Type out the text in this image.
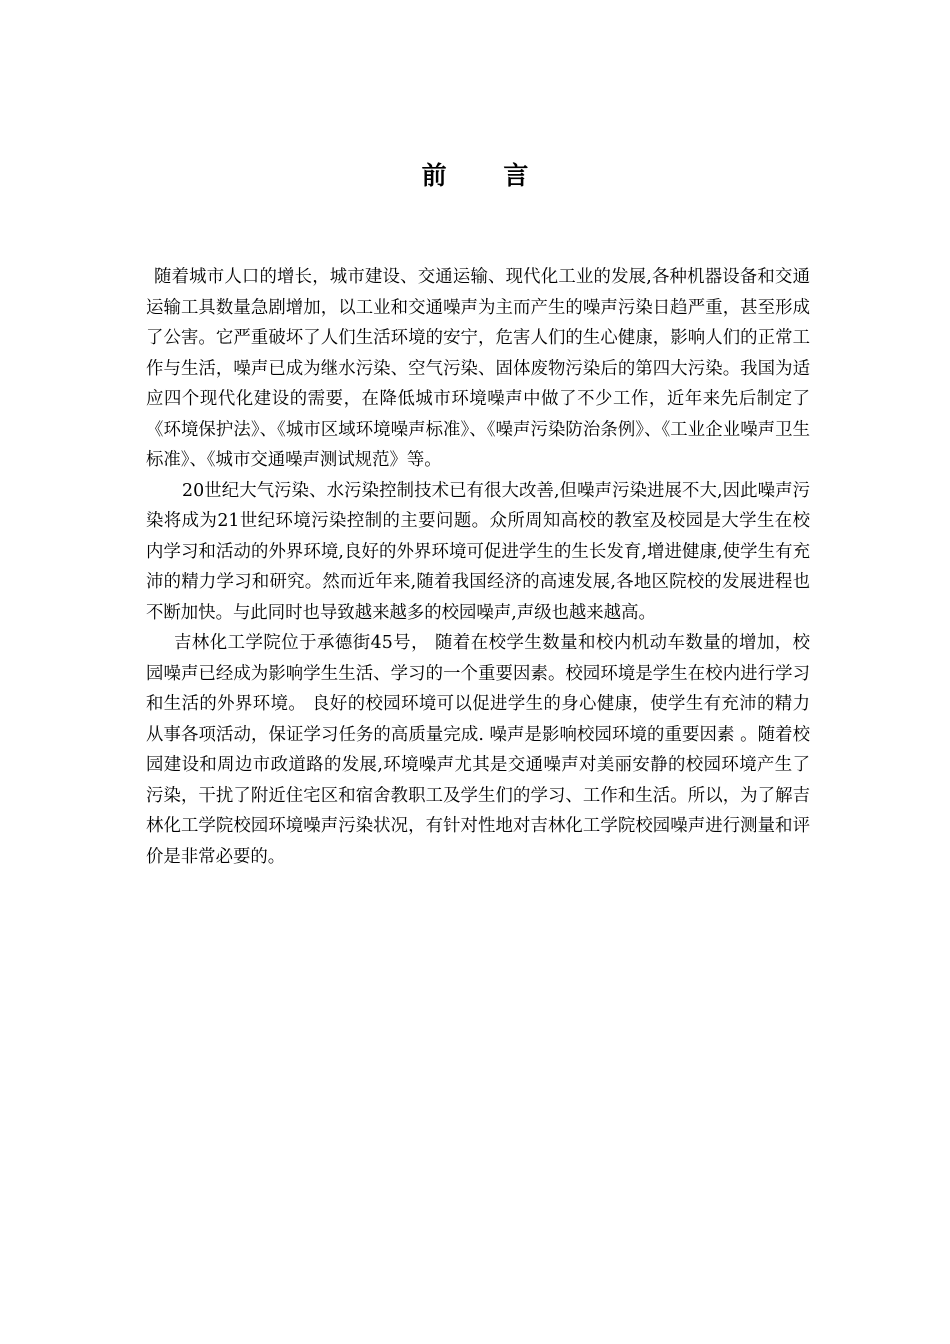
前 言

随着城市人口的增长，城市建设、交通运输、现代化工业的发展,各种机器设备和交通运输工具数量急剧增加，以工业和交通噪声为主而产生的噪声污染日趋严重，甚至形成了公害。它严重破坏了人们生活环境的安宁，危害人们的生心健康，影响人们的正常工作与生活，噪声已成为继水污染、空气污染、固体废物污染后的第四大污染。我国为适应四个现代化建设的需要，在降低城市环境噪声中做了不少工作，近年来先后制定了《环境保护法》、《城市区域环境噪声标准》、《噪声污染防治条例》、《工业企业噪声卫生标准》、《城市交通噪声测试规范》等。

20世纪大气污染、水污染控制技术已有很大改善,但噪声污染进展不大,因此噪声污染将成为21世纪环境污染控制的主要问题。众所周知高校的教室及校园是大学生在校内学习和活动的外界环境,良好的外界环境可促进学生的生长发育,增进健康,使学生有充沛的精力学习和研究。然而近年来,随着我国经济的高速发展,各地区院校的发展进程也不断加快。与此同时也导致越来越多的校园噪声,声级也越来越高。

吉林化工学院位于承德街45号， 随着在校学生数量和校内机动车数量的增加，校园噪声已经成为影响学生生活、学习的一个重要因素。校园环境是学生在校内进行学习和生活的外界环境。 良好的校园环境可以促进学生的身心健康，使学生有充沛的精力从事各项活动，保证学习任务的高质量完成. 噪声是影响校园环境的重要因素 。随着校园建设和周边市政道路的发展,环境噪声尤其是交通噪声对美丽安静的校园环境产生了污染，干扰了附近住宅区和宿舍教职工及学生们的学习、工作和生活。所以，为了解吉林化工学院校园环境噪声污染状况，有针对性地对吉林化工学院校园噪声进行测量和评价是非常必要的。
